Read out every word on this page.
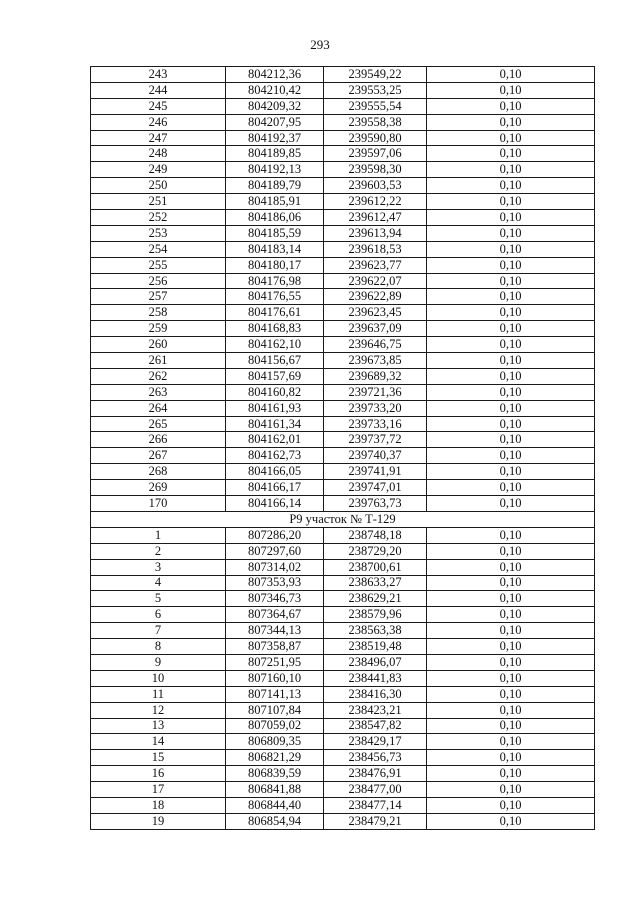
293
243	804212,36	239549,22	0,10
244	804210,42	239553,25	0,10
245	804209,32	239555,54	0,10
246	804207,95	239558,38	0,10
247	804192,37	239590,80	0,10
248	804189,85	239597,06	0,10
249	804192,13	239598,30	0,10
250	804189,79	239603,53	0,10
251	804185,91	239612,22	0,10
252	804186,06	239612,47	0,10
253	804185,59	239613,94	0,10
254	804183,14	239618,53	0,10
255	804180,17	239623,77	0,10
256	804176,98	239622,07	0,10
257	804176,55	239622,89	0,10
258	804176,61	239623,45	0,10
259	804168,83	239637,09	0,10
260	804162,10	239646,75	0,10
261	804156,67	239673,85	0,10
262	804157,69	239689,32	0,10
263	804160,82	239721,36	0,10
264	804161,93	239733,20	0,10
265	804161,34	239733,16	0,10
266	804162,01	239737,72	0,10
267	804162,73	239740,37	0,10
268	804166,05	239741,91	0,10
269	804166,17	239747,01	0,10
170	804166,14	239763,73	0,10
Р9 участок № Т-129			
1	807286,20	238748,18	0,10
2	807297,60	238729,20	0,10
3	807314,02	238700,61	0,10
4	807353,93	238633,27	0,10
5	807346,73	238629,21	0,10
6	807364,67	238579,96	0,10
7	807344,13	238563,38	0,10
8	807358,87	238519,48	0,10
9	807251,95	238496,07	0,10
10	807160,10	238441,83	0,10
11	807141,13	238416,30	0,10
12	807107,84	238423,21	0,10
13	807059,02	238547,82	0,10
14	806809,35	238429,17	0,10
15	806821,29	238456,73	0,10
16	806839,59	238476,91	0,10
17	806841,88	238477,00	0,10
18	806844,40	238477,14	0,10
19	806854,94	238479,21	0,10
